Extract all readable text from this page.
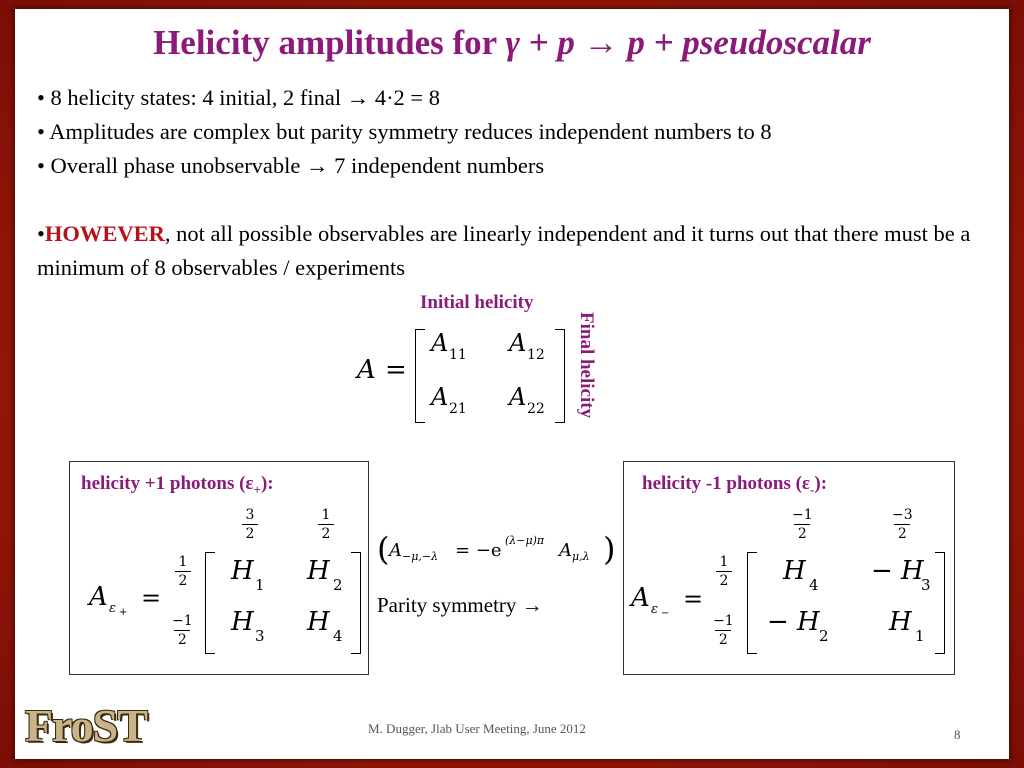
Helicity amplitudes for γ + p → p + pseudoscalar

• 8 helicity states: 4 initial, 2 final → 4·2 = 8

• Amplitudes are complex but parity symmetry reduces independent numbers to 8

• Overall phase unobservable → 7 independent numbers

•HOWEVER, not all possible observables are linearly independent and it turns out that there must be a minimum of 8 observables / experiments

Initial helicity
Final helicity
A =
A 11 A 12
A 21 A 22
helicity +1 photons $(\varepsilon_+)$:
A ε +
=
3
2
1
2
1
2
−1
2
H 1 H 2
H 3 H 4
( A −μ,−λ = −e (λ−μ)π A μ,λ )
Parity symmetry →
helicity -1 photons $(\varepsilon_-)$:
A ε −
=
−1
2
−3
2
1
2
−1
2
H 4 − H
3
− H 2 H 1
M. Dugger, Jlab User Meeting, June 2012	8
FroST
